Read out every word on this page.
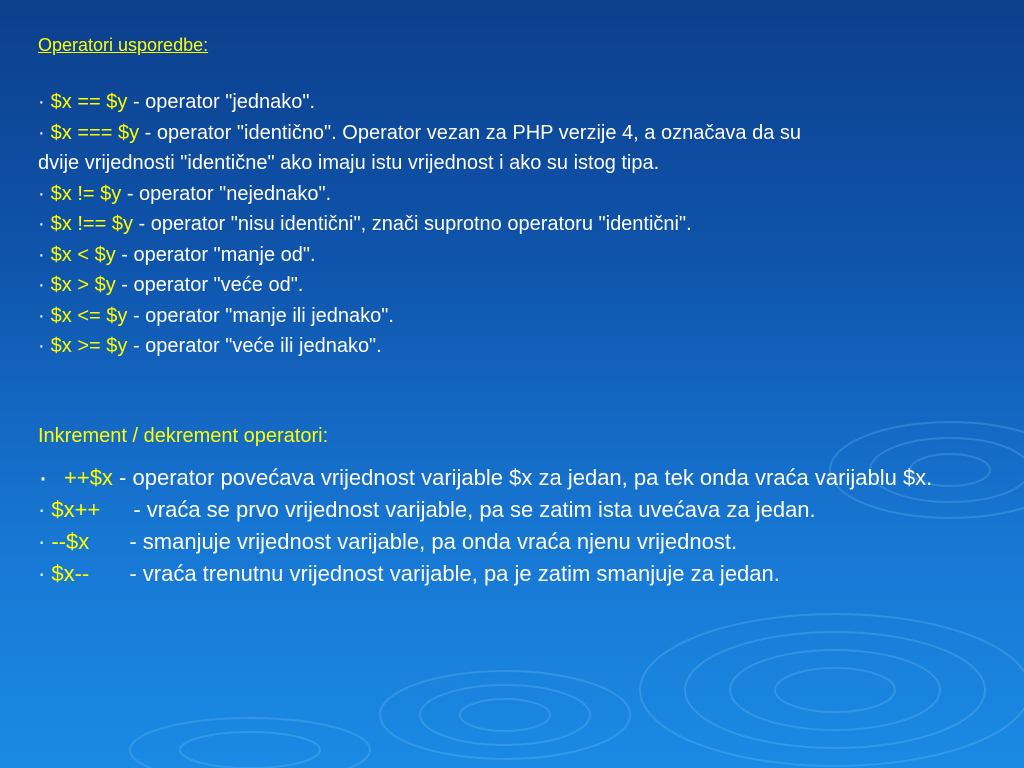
Operatori usporedbe:
· $x == $y - operator "jednako".
· $x === $y - operator "identično". Operator vezan za PHP verzije 4, a označava da su dvije vrijednosti "identične" ako imaju istu vrijednost i ako su istog tipa.
· $x != $y - operator "nejednako".
· $x !== $y - operator "nisu identični", znači suprotno operatoru "identični".
· $x < $y - operator "manje od".
· $x > $y - operator "veće od".
· $x <= $y - operator "manje ili jednako".
· $x >= $y - operator "veće ili jednako".
Inkrement / dekrement operatori:
· ++$x - operator povećava vrijednost varijable $x za jedan, pa tek onda vraća varijablu $x.
· $x++ - vraća se prvo vrijednost varijable, pa se zatim ista uvećava za jedan.
· --$x - smanjuje vrijednost varijable, pa onda vraća njenu vrijednost.
· $x-- - vraća trenutnu vrijednost varijable, pa je zatim smanjuje za jedan.
